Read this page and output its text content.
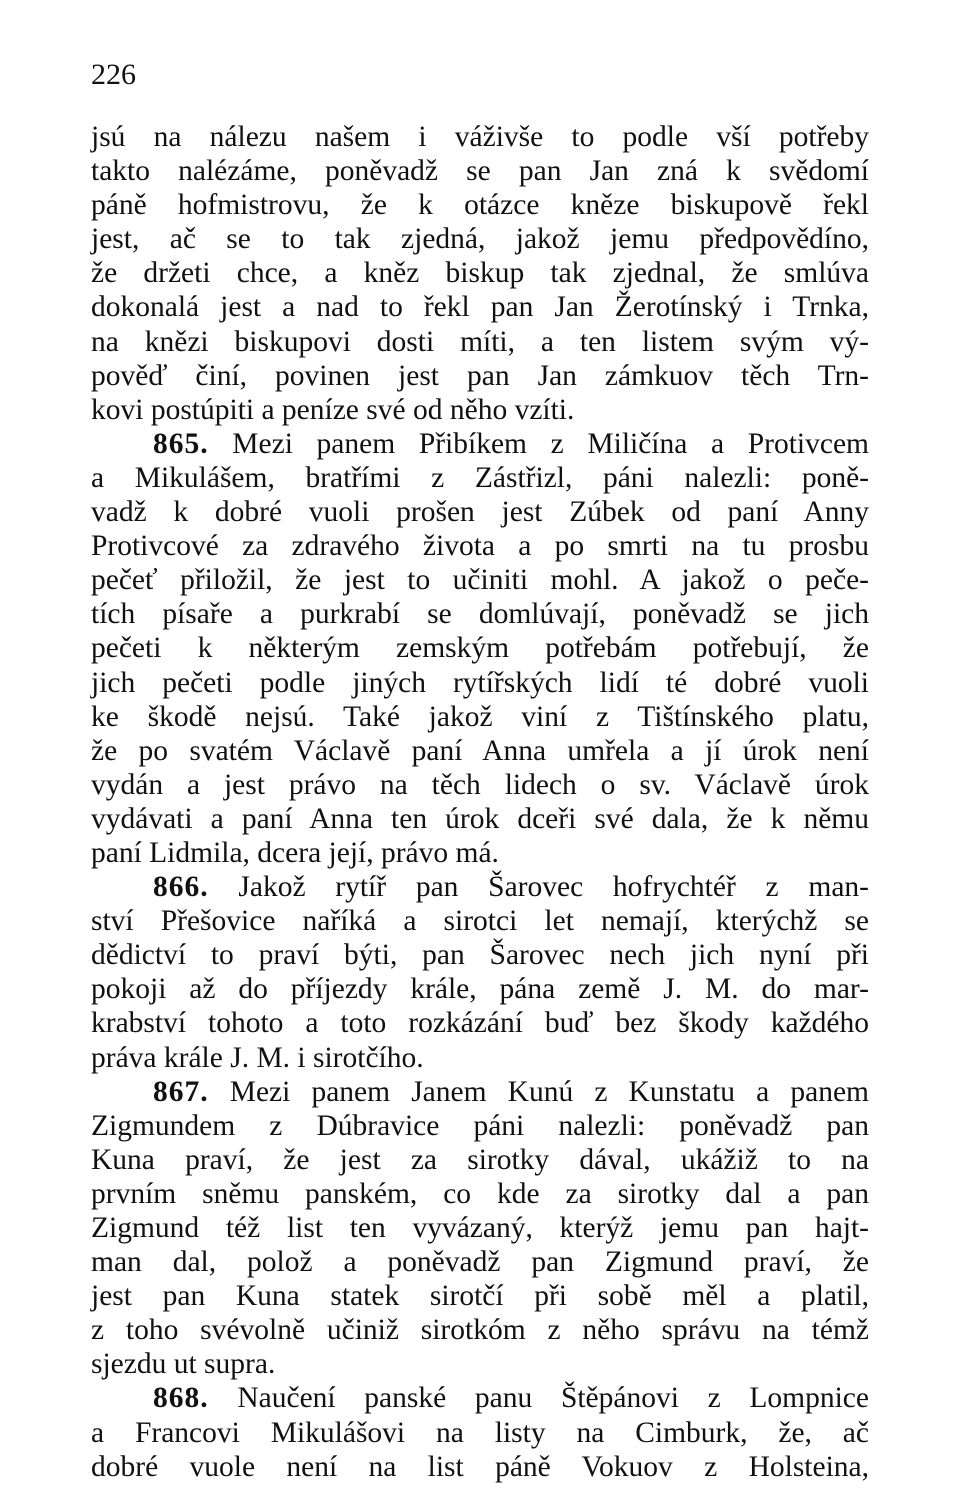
226
jsú na nálezu našem i váživše to podle vší potřeby
takto nalézáme, poněvadž se pan Jan zná k svědomí
páně hofmistrovu, že k otázce kněze biskupově řekl
jest, ač se to tak zjedná, jakož jemu předpovědíno,
že držeti chce, a kněz biskup tak zjednal, že smlúva
dokonalá jest a nad to řekl pan Jan Žerotínský i Trnka,
na knězi biskupovi dosti míti, a ten listem svým vý-
pověď činí, povinen jest pan Jan zámkuov těch Trn-
kovi postúpiti a peníze své od něho vzíti.
865. Mezi panem Přibíkem z Miličína a Protivcem
a Mikulášem, bratřími z Zástřizl, páni nalezli: poně-
vadž k dobré vuoli prošen jest Zúbek od paní Anny
Protivcové za zdravého života a po smrti na tu prosbu
pečeť přiložil, že jest to učiniti mohl. A jakož o peče-
tích písaře a purkrabí se domlúvají, poněvadž se jich
pečeti k některým zemským potřebám potřebují, že
jich pečeti podle jiných rytířských lidí té dobré vuoli
ke škodě nejsú. Také jakož viní z Tištínského platu,
že po svatém Václavě paní Anna umřela a jí úrok není
vydán a jest právo na těch lidech o sv. Václavě úrok
vydávati a paní Anna ten úrok dceři své dala, že k němu
paní Lidmila, dcera její, právo má.
866. Jakož rytíř pan Šarovec hofrychtéř z man-
ství Přešovice naříká a sirotci let nemají, kterýchž se
dědictví to praví býti, pan Šarovec nech jich nyní při
pokoji až do příjezdy krále, pána země J. M. do mar-
krabství tohoto a toto rozkázání buď bez škody každého
práva krále J. M. i sirotčího.
867. Mezi panem Janem Kunú z Kunstatu a panem
Zigmundem z Dúbravice páni nalezli: poněvadž pan
Kuna praví, že jest za sirotky dával, ukážiž to na
prvním sněmu panském, co kde za sirotky dal a pan
Zigmund též list ten vyvázaný, kterýž jemu pan hajt-
man dal, polož a poněvadž pan Zigmund praví, že
jest pan Kuna statek sirotčí při sobě měl a platil,
z toho svévolně učiniž sirotkóm z něho správu na témž
sjezdu ut supra.
868. Naučení panské panu Štěpánovi z Lompnice
a Francovi Mikulášovi na listy na Cimburk, že, ač
dobré vuole není na list páně Vokuov z Holsteina,
